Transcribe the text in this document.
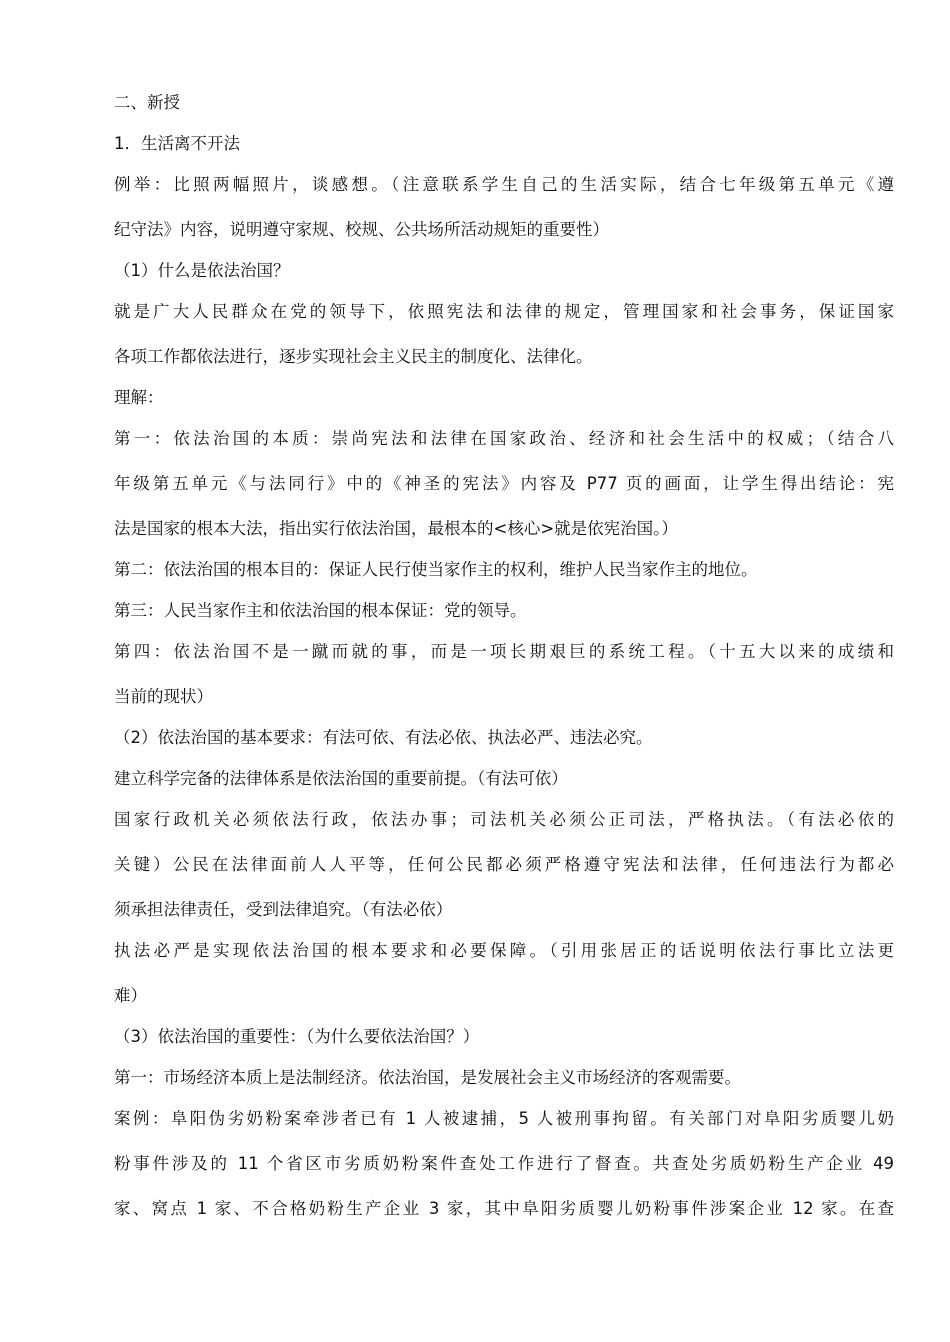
二、新授
1．生活离不开法
例举：比照两幅照片，谈感想。（注意联系学生自己的生活实际，结合七年级第五单元《遵
纪守法》内容，说明遵守家规、校规、公共场所活动规矩的重要性）
（1）什么是依法治国？
就是广大人民群众在党的领导下，依照宪法和法律的规定，管理国家和社会事务，保证国家
各项工作都依法进行，逐步实现社会主义民主的制度化、法律化。
理解：
第一：依法治国的本质：崇尚宪法和法律在国家政治、经济和社会生活中的权威；（结合八
年级第五单元《与法同行》中的《神圣的宪法》内容及 P77 页的画面，让学生得出结论：宪
法是国家的根本大法，指出实行依法治国，最根本的<核心>就是依宪治国。）
第二：依法治国的根本目的：保证人民行使当家作主的权利，维护人民当家作主的地位。
第三：人民当家作主和依法治国的根本保证：党的领导。
第四：依法治国不是一蹴而就的事，而是一项长期艰巨的系统工程。（十五大以来的成绩和
当前的现状）
（2）依法治国的基本要求：有法可依、有法必依、执法必严、违法必究。
建立科学完备的法律体系是依法治国的重要前提。（有法可依）
国家行政机关必须依法行政，依法办事；司法机关必须公正司法，严格执法。（有法必依的
关键）公民在法律面前人人平等，任何公民都必须严格遵守宪法和法律，任何违法行为都必
须承担法律责任，受到法律追究。（有法必依）
执法必严是实现依法治国的根本要求和必要保障。（引用张居正的话说明依法行事比立法更
难）
（3）依法治国的重要性：（为什么要依法治国？）
第一：市场经济本质上是法制经济。依法治国，是发展社会主义市场经济的客观需要。
案例：阜阳伪劣奶粉案牵涉者已有 1 人被逮捕，5 人被刑事拘留。有关部门对阜阳劣质婴儿奶
粉事件涉及的 11 个省区市劣质奶粉案件查处工作进行了督查。共查处劣质奶粉生产企业 49
家、窝点 1 家、不合格奶粉生产企业 3 家，其中阜阳劣质婴儿奶粉事件涉案企业 12 家。在查
